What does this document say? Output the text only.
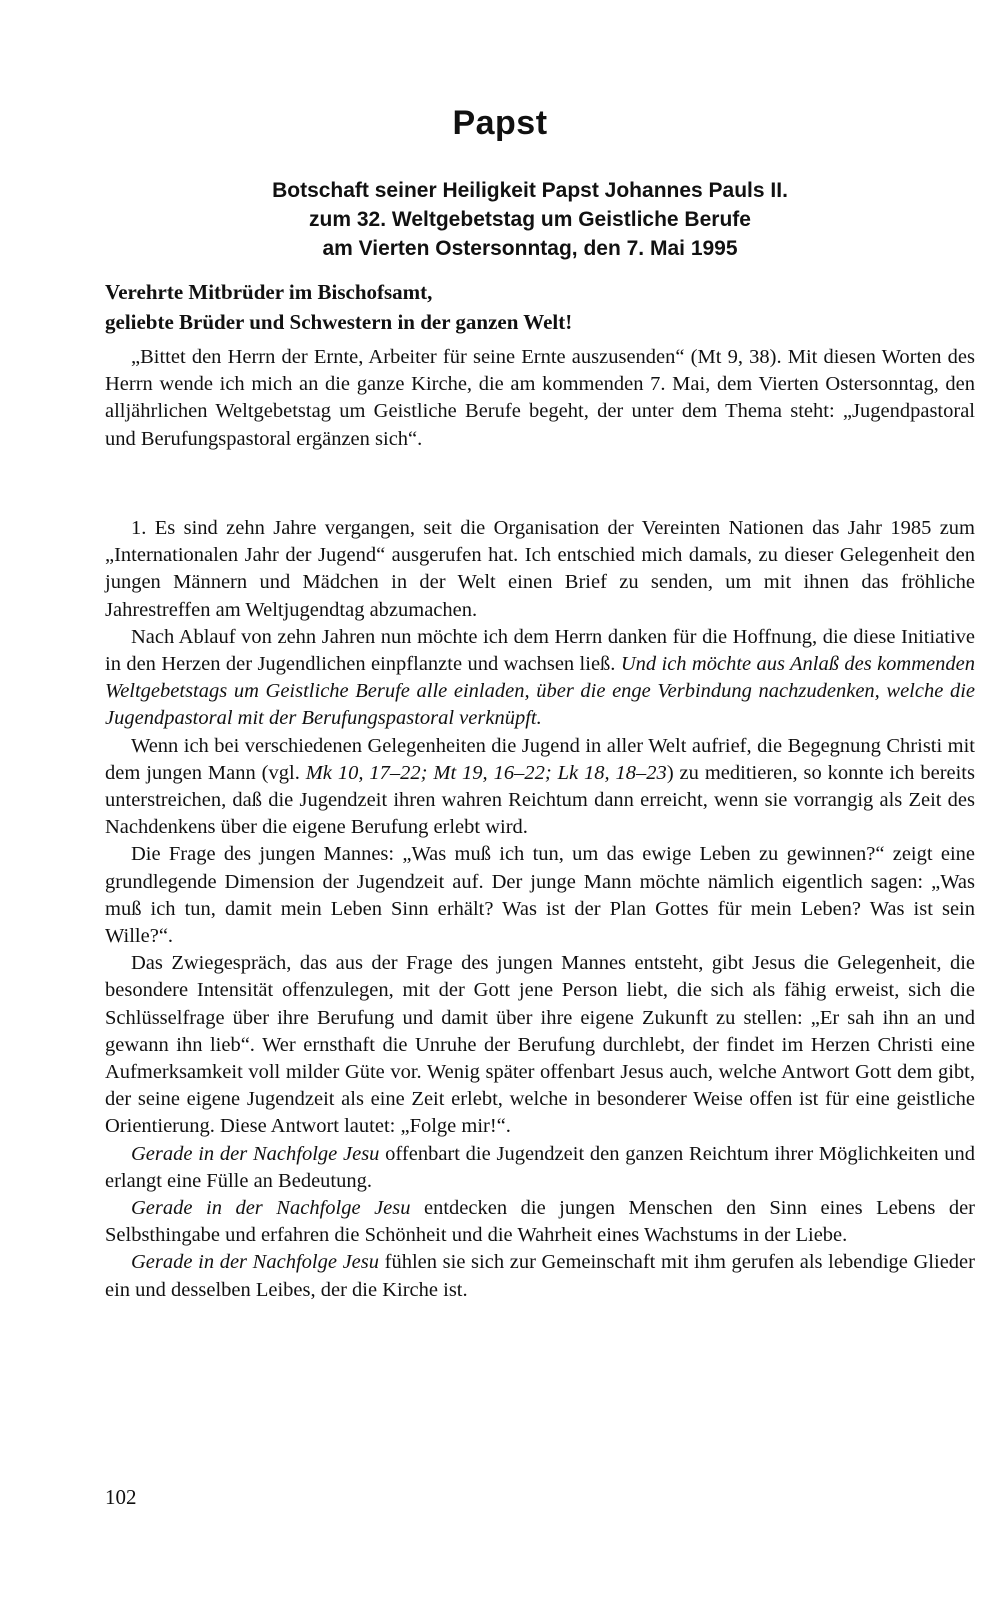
Papst
Botschaft seiner Heiligkeit Papst Johannes Pauls II.
zum 32. Weltgebetstag um Geistliche Berufe
am Vierten Ostersonntag, den 7. Mai 1995
Verehrte Mitbrüder im Bischofsamt,
geliebte Brüder und Schwestern in der ganzen Welt!

„Bittet den Herrn der Ernte, Arbeiter für seine Ernte auszusenden“ (Mt 9, 38). Mit diesen Worten des Herrn wende ich mich an die ganze Kirche, die am kommenden 7. Mai, dem Vierten Ostersonntag, den alljährlichen Weltgebetstag um Geistliche Berufe begeht, der unter dem Thema steht: „Jugendpastoral und Berufungspastoral ergänzen sich“.

1. Es sind zehn Jahre vergangen, seit die Organisation der Vereinten Nationen das Jahr 1985 zum „Internationalen Jahr der Jugend“ ausgerufen hat. Ich entschied mich damals, zu dieser Gelegenheit den jungen Männern und Mädchen in der Welt einen Brief zu senden, um mit ihnen das fröhliche Jahrestreffen am Weltjugendtag abzumachen.

Nach Ablauf von zehn Jahren nun möchte ich dem Herrn danken für die Hoffnung, die diese Initiative in den Herzen der Jugendlichen einpflanzte und wachsen ließ. Und ich möchte aus Anlaß des kommenden Weltgebetstags um Geistliche Berufe alle einladen, über die enge Verbindung nachzudenken, welche die Jugendpastoral mit der Berufungspastoral verknüpft.

Wenn ich bei verschiedenen Gelegenheiten die Jugend in aller Welt aufrief, die Begegnung Christi mit dem jungen Mann (vgl. Mk 10, 17–22; Mt 19, 16–22; Lk 18, 18–23) zu meditieren, so konnte ich bereits unterstreichen, daß die Jugendzeit ihren wahren Reichtum dann erreicht, wenn sie vorrangig als Zeit des Nachdenkens über die eigene Berufung erlebt wird.

Die Frage des jungen Mannes: „Was muß ich tun, um das ewige Leben zu gewinnen?“ zeigt eine grundlegende Dimension der Jugendzeit auf. Der junge Mann möchte nämlich eigentlich sagen: „Was muß ich tun, damit mein Leben Sinn erhält? Was ist der Plan Gottes für mein Leben? Was ist sein Wille?“.

Das Zwiegespräch, das aus der Frage des jungen Mannes entsteht, gibt Jesus die Gelegenheit, die besondere Intensität offenzulegen, mit der Gott jene Person liebt, die sich als fähig erweist, sich die Schlüsselfrage über ihre Berufung und damit über ihre eigene Zukunft zu stellen: „Er sah ihn an und gewann ihn lieb“. Wer ernsthaft die Unruhe der Berufung durchlebt, der findet im Herzen Christi eine Aufmerksamkeit voll milder Güte vor. Wenig später offenbart Jesus auch, welche Antwort Gott dem gibt, der seine eigene Jugendzeit als eine Zeit erlebt, welche in besonderer Weise offen ist für eine geistliche Orientierung. Diese Antwort lautet: „Folge mir!“.

Gerade in der Nachfolge Jesu offenbart die Jugendzeit den ganzen Reichtum ihrer Möglichkeiten und erlangt eine Fülle an Bedeutung.

Gerade in der Nachfolge Jesu entdecken die jungen Menschen den Sinn eines Lebens der Selbsthingabe und erfahren die Schönheit und die Wahrheit eines Wachstums in der Liebe.

Gerade in der Nachfolge Jesu fühlen sie sich zur Gemeinschaft mit ihm gerufen als lebendige Glieder ein und desselben Leibes, der die Kirche ist.

102
